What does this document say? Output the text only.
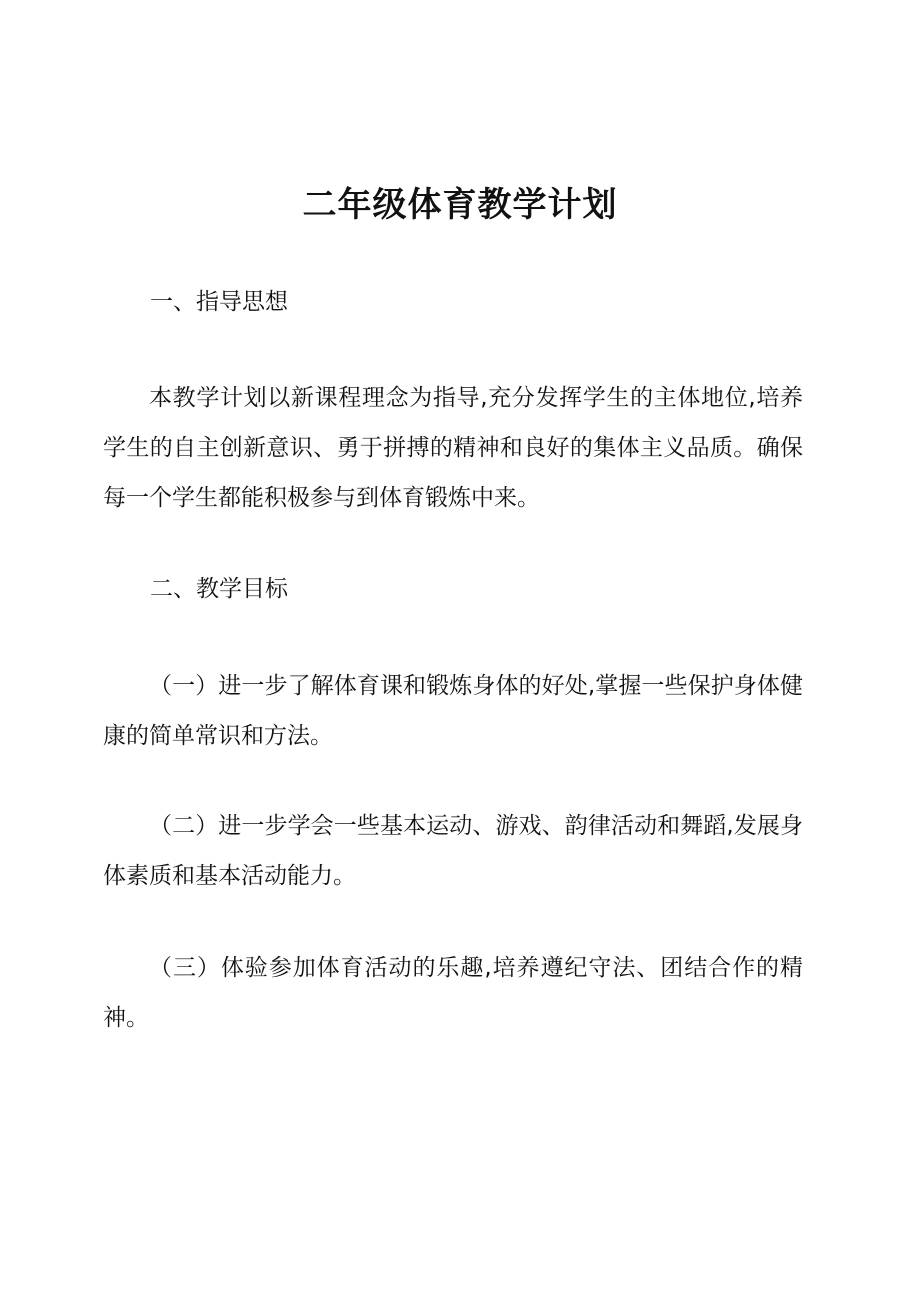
二年级体育教学计划
一、指导思想

本教学计划以新课程理念为指导,充分发挥学生的主体地位,培养学生的自主创新意识、勇于拼搏的精神和良好的集体主义品质。确保每一个学生都能积极参与到体育锻炼中来。

二、教学目标

（一）进一步了解体育课和锻炼身体的好处,掌握一些保护身体健康的简单常识和方法。

（二）进一步学会一些基本运动、游戏、韵律活动和舞蹈,发展身体素质和基本活动能力。

（三）体验参加体育活动的乐趣,培养遵纪守法、团结合作的精神。
